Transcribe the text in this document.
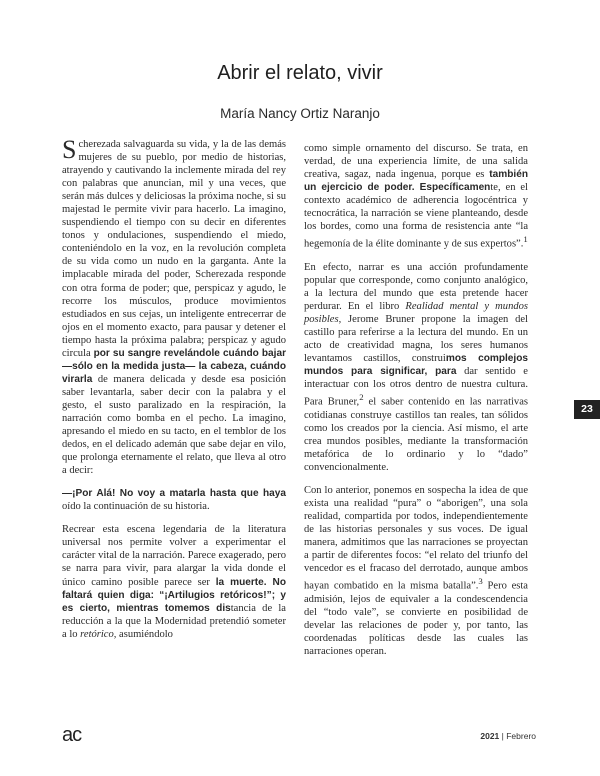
Abrir el relato, vivir
María Nancy Ortiz Naranjo

Scherezada salvaguarda su vida, y la de las demás mujeres de su pueblo, por medio de historias, atrayendo y cautivando la inclemente mirada del rey con palabras que anuncian, mil y una veces, que serán más dulces y deliciosas la próxima noche, si su majestad le permite vivir para hacerlo. La imagino, suspendiendo el tiempo con su decir en diferentes tonos y ondulaciones, suspendiendo el miedo, conteniéndolo en la voz, en la revolución completa de su vida como un nudo en la garganta. Ante la implacable mirada del poder, Scherezada responde con otra forma de poder; que, perspicaz y agudo, le recorre los músculos, produce movimientos estudiados en sus cejas, un inteligente entrecerrar de ojos en el momento exacto, para pausar y detener el tiempo hasta la próxima palabra; perspicaz y agudo circula por su sangre revelándole cuándo bajar —sólo en la medida justa— la cabeza, cuándo virarla de manera delicada y desde esa posición saber levantarla, saber decir con la palabra y el gesto, el susto paralizado en la respiración, la narración como bomba en el pecho. La imagino, apresando el miedo en su tacto, en el temblor de los dedos, en el delicado ademán que sabe dejar en vilo, que prolonga eternamente el relato, que lleva al otro a decir:

—¡Por Alá! No voy a matarla hasta que haya oído la continuación de su historia.

Recrear esta escena legendaria de la literatura universal nos permite volver a experimentar el carácter vital de la narración. Parece exagerado, pero se narra para vivir, para alargar la vida donde el único camino posible parece ser la muerte. No faltará quien diga: “¡Artilugios retóricos!”; y es cierto, mientras tomemos distancia de la reducción a la que la Modernidad pretendió someter a lo retórico, asumiéndolo

como simple ornamento del discurso. Se trata, en verdad, de una experiencia límite, de una salida creativa, sagaz, nada ingenua, porque es también un ejercicio de poder. Específicamente, en el contexto académico de adherencia logocéntrica y tecnocrática, la narración se viene planteando, desde los bordes, como una forma de resistencia ante “la hegemonía de la élite dominante y de sus expertos”.$^1$

En efecto, narrar es una acción profundamente popular que corresponde, como conjunto analógico, a la lectura del mundo que esta pretende hacer perdurar. En el libro Realidad mental y mundos posibles, Jerome Bruner propone la imagen del castillo para referirse a la lectura del mundo. En un acto de creatividad magna, los seres humanos levantamos castillos, construimos complejos mundos para significar, para dar sentido e interactuar con los otros dentro de nuestra cultura. Para Bruner,$^2$ el saber contenido en las narrativas cotidianas construye castillos tan reales, tan sólidos como los creados por la ciencia. Así mismo, el arte crea mundos posibles, mediante la transformación metafórica de lo ordinario y lo “dado” convencionalmente.

Con lo anterior, ponemos en sospecha la idea de que exista una realidad “pura” o “aborigen”, una sola realidad, compartida por todos, independientemente de las historias personales y sus voces. De igual manera, admitimos que las narraciones se proyectan a partir de diferentes focos: “el relato del triunfo del vencedor es el fracaso del derrotado, aunque ambos hayan combatido en la misma batalla”.$^3$ Pero esta admisión, lejos de equivaler a la condescendencia del “todo vale”, se convierte en posibilidad de develar las relaciones de poder y, por tanto, las coordenadas políticas desde las cuales las narraciones operan.

23
ac	2021 | Febrero
